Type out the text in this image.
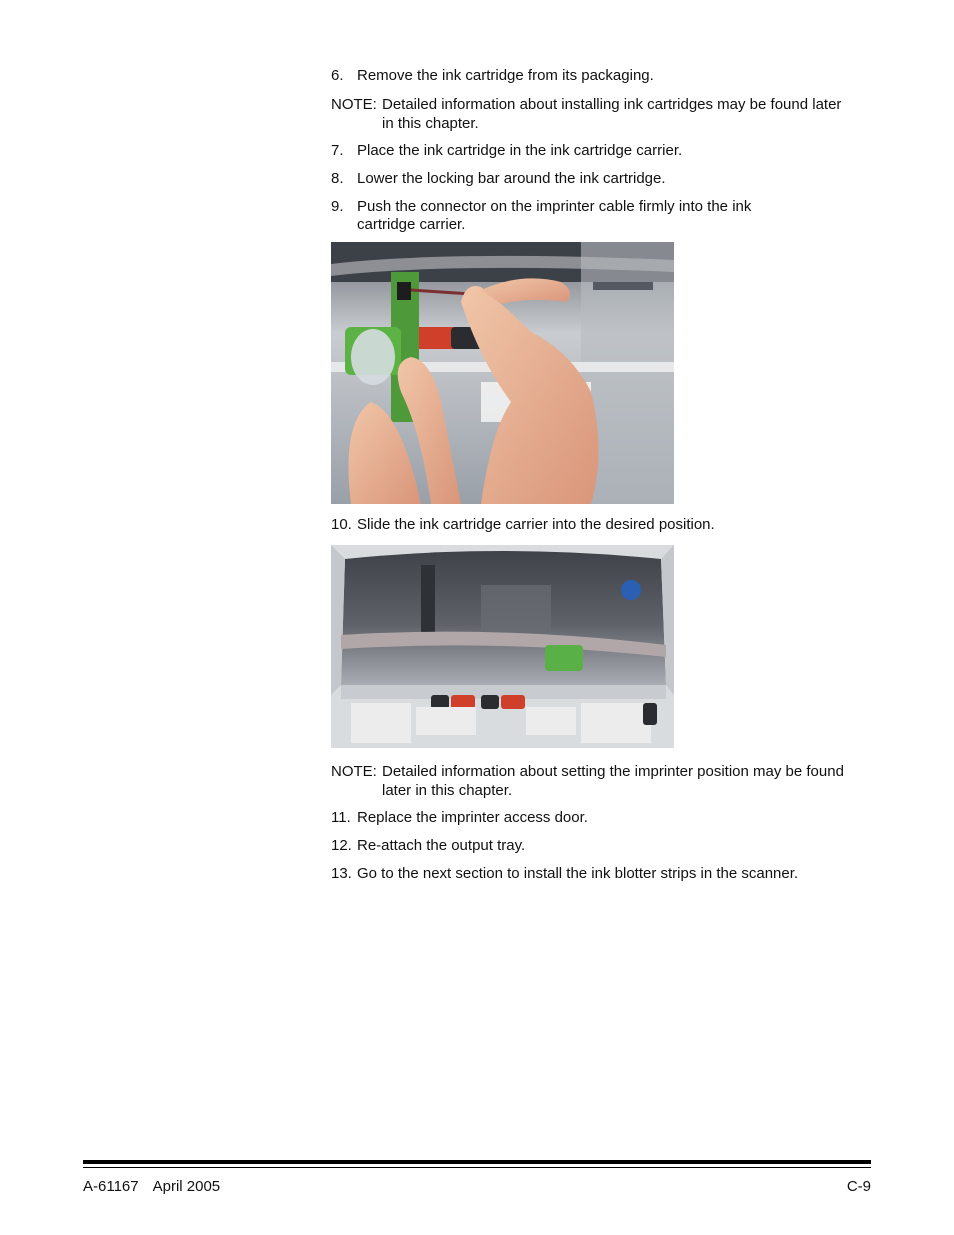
6. Remove the ink cartridge from its packaging.
NOTE: Detailed information about installing ink cartridges may be found later
in this chapter.
7. Place the ink cartridge in the ink cartridge carrier.
8. Lower the locking bar around the ink cartridge.
9. Push the connector on the imprinter cable firmly into the ink
cartridge carrier.
10. Slide the ink cartridge carrier into the desired position.
NOTE: Detailed information about setting the imprinter position may be found
later in this chapter.
11. Replace the imprinter access door.
12. Re-attach the output tray.
13. Go to the next section to install the ink blotter strips in the scanner.
A-61167 April 2005	C-9
